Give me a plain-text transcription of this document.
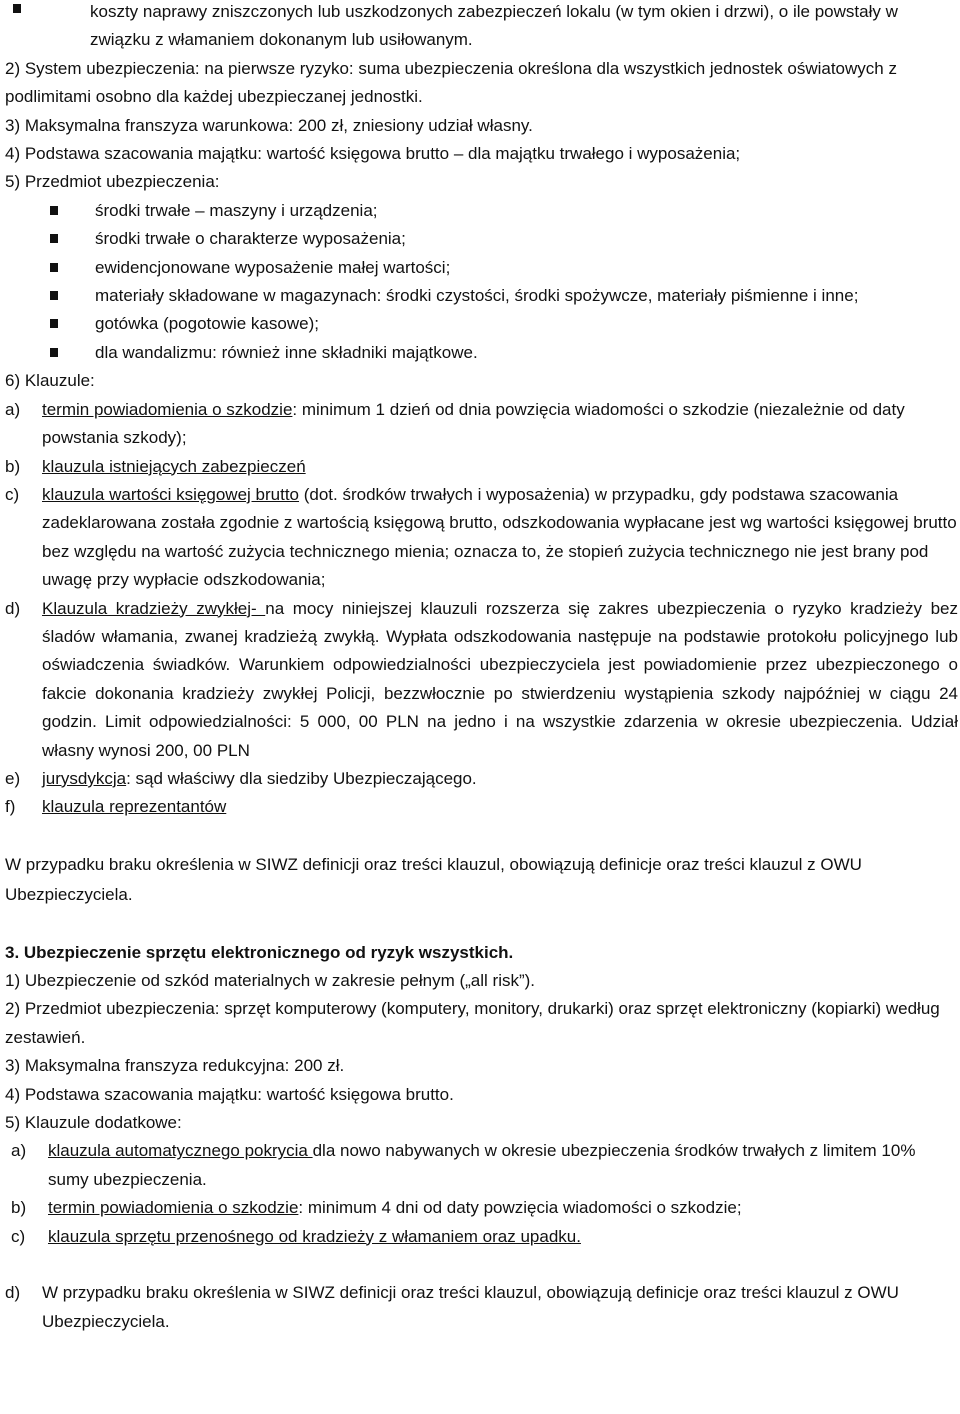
koszty naprawy zniszczonych lub uszkodzonych zabezpieczeń lokalu (w tym okien i drzwi), o ile powstały w związku z włamaniem dokonanym lub usiłowanym.

2) System ubezpieczenia: na pierwsze ryzyko: suma ubezpieczenia określona dla wszystkich jednostek oświatowych z podlimitami osobno dla każdej ubezpieczanej jednostki.

3) Maksymalna franszyza warunkowa: 200 zł, zniesiony udział własny.

4) Podstawa szacowania majątku: wartość księgowa brutto – dla majątku trwałego i wyposażenia;

5) Przedmiot ubezpieczenia:

środki trwałe – maszyny i urządzenia;

środki trwałe o charakterze wyposażenia;

ewidencjonowane wyposażenie małej wartości;

materiały składowane w magazynach: środki czystości, środki spożywcze, materiały piśmienne i inne;

gotówka (pogotowie kasowe);

dla wandalizmu: również inne składniki majątkowe.

6) Klauzule:

a) termin powiadomienia o szkodzie: minimum 1 dzień od dnia powzięcia wiadomości o szkodzie (niezależnie od daty powstania szkody);

b) klauzula istniejących zabezpieczeń

c) klauzula wartości księgowej brutto (dot. środków trwałych i wyposażenia) w przypadku, gdy podstawa szacowania zadeklarowana została zgodnie z wartością księgową brutto, odszkodowania wypłacane jest wg wartości księgowej brutto bez względu na wartość zużycia technicznego mienia; oznacza to, że stopień zużycia technicznego nie jest brany pod uwagę przy wypłacie odszkodowania;

d) Klauzula kradzieży zwykłej- na mocy niniejszej klauzuli rozszerza się zakres ubezpieczenia o ryzyko kradzieży bez śladów włamania, zwanej kradzieżą zwykłą. Wypłata odszkodowania następuje na podstawie protokołu policyjnego lub oświadczenia świadków. Warunkiem odpowiedzialności ubezpieczyciela jest powiadomienie przez ubezpieczonego o fakcie dokonania kradzieży zwykłej Policji, bezzwłocznie po stwierdzeniu wystąpienia szkody najpóźniej w ciągu 24 godzin. Limit odpowiedzialności: 5 000, 00 PLN na jedno i na wszystkie zdarzenia w okresie ubezpieczenia. Udział własny wynosi 200, 00 PLN

e) jurysdykcja: sąd właściwy dla siedziby Ubezpieczającego.

f) klauzula reprezentantów

W przypadku braku określenia w SIWZ definicji oraz treści klauzul, obowiązują definicje oraz treści klauzul z OWU Ubezpieczyciela.

3. Ubezpieczenie sprzętu elektronicznego od ryzyk wszystkich.

1) Ubezpieczenie od szkód materialnych w zakresie pełnym („all risk”).

2) Przedmiot ubezpieczenia: sprzęt komputerowy (komputery, monitory, drukarki) oraz sprzęt elektroniczny (kopiarki) według zestawień.

3) Maksymalna franszyza redukcyjna: 200 zł.

4) Podstawa szacowania majątku: wartość księgowa brutto.

5) Klauzule dodatkowe:

a) klauzula automatycznego pokrycia dla nowo nabywanych w okresie ubezpieczenia środków trwałych z limitem 10% sumy ubezpieczenia.

b) termin powiadomienia o szkodzie: minimum 4 dni od daty powzięcia wiadomości o szkodzie;

c) klauzula sprzętu przenośnego od kradzieży z włamaniem oraz upadku.

d) W przypadku braku określenia w SIWZ definicji oraz treści klauzul, obowiązują definicje oraz treści klauzul z OWU Ubezpieczyciela.
